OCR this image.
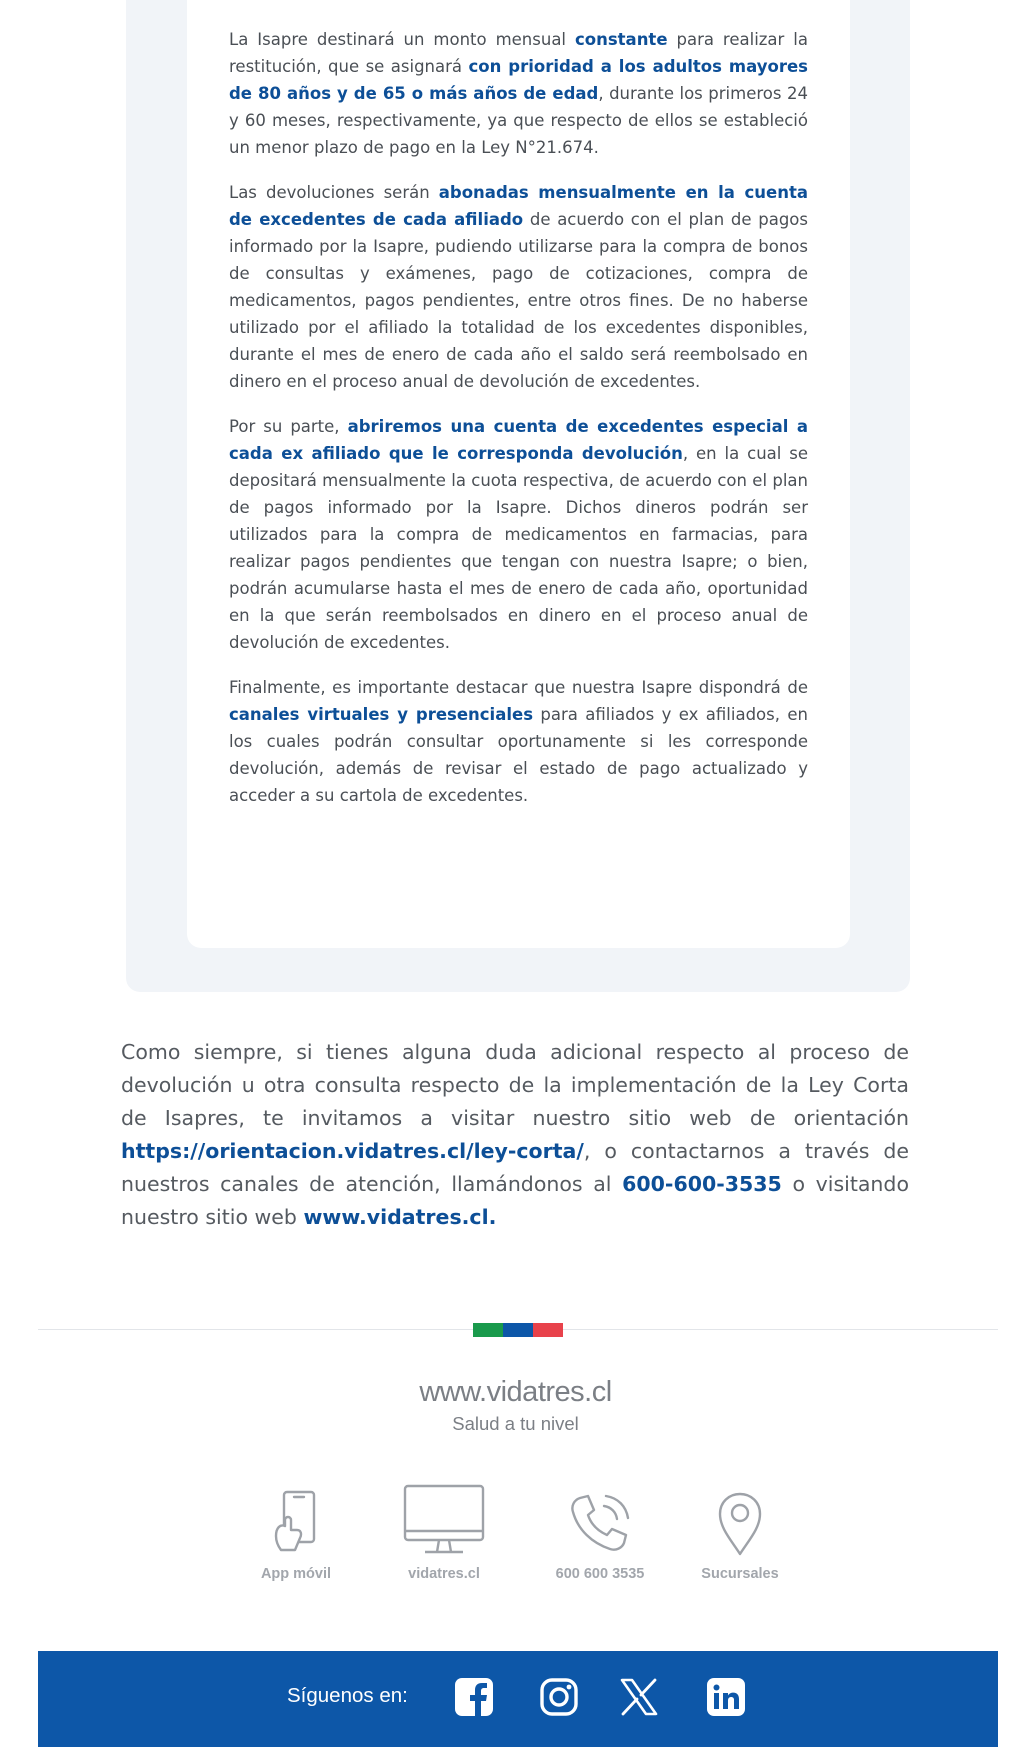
La Isapre destinará un monto mensual constante para realizar la restitución, que se asignará con prioridad a los adultos mayores de 80 años y de 65 o más años de edad, durante los primeros 24 y 60 meses, respectivamente, ya que respecto de ellos se estableció un menor plazo de pago en la Ley N°21.674.

Las devoluciones serán abonadas mensualmente en la cuenta de excedentes de cada afiliado de acuerdo con el plan de pagos informado por la Isapre, pudiendo utilizarse para la compra de bonos de consultas y exámenes, pago de cotizaciones, compra de medicamentos, pagos pendientes, entre otros fines. De no haberse utilizado por el afiliado la totalidad de los excedentes disponibles, durante el mes de enero de cada año el saldo será reembolsado en dinero en el proceso anual de devolución de excedentes.

Por su parte, abriremos una cuenta de excedentes especial a cada ex afiliado que le corresponda devolución, en la cual se depositará mensualmente la cuota respectiva, de acuerdo con el plan de pagos informado por la Isapre. Dichos dineros podrán ser utilizados para la compra de medicamentos en farmacias, para realizar pagos pendientes que tengan con nuestra Isapre; o bien, podrán acumularse hasta el mes de enero de cada año, oportunidad en la que serán reembolsados en dinero en el proceso anual de devolución de excedentes.

Finalmente, es importante destacar que nuestra Isapre dispondrá de canales virtuales y presenciales para afiliados y ex afiliados, en los cuales podrán consultar oportunamente si les corresponde devolución, además de revisar el estado de pago actualizado y acceder a su cartola de excedentes.

Como siempre, si tienes alguna duda adicional respecto al proceso de devolución u otra consulta respecto de la implementación de la Ley Corta de Isapres, te invitamos a visitar nuestro sitio web de orientación https://orientacion.vidatres.cl/ley-corta/, o contactarnos a través de nuestros canales de atención, llamándonos al 600-600-3535 o visitando nuestro sitio web www.vidatres.cl.

www.vidatres.cl
Salud a tu nivel
App móvil	vidatres.cl	600 600 3535	Sucursales
Síguenos en:
